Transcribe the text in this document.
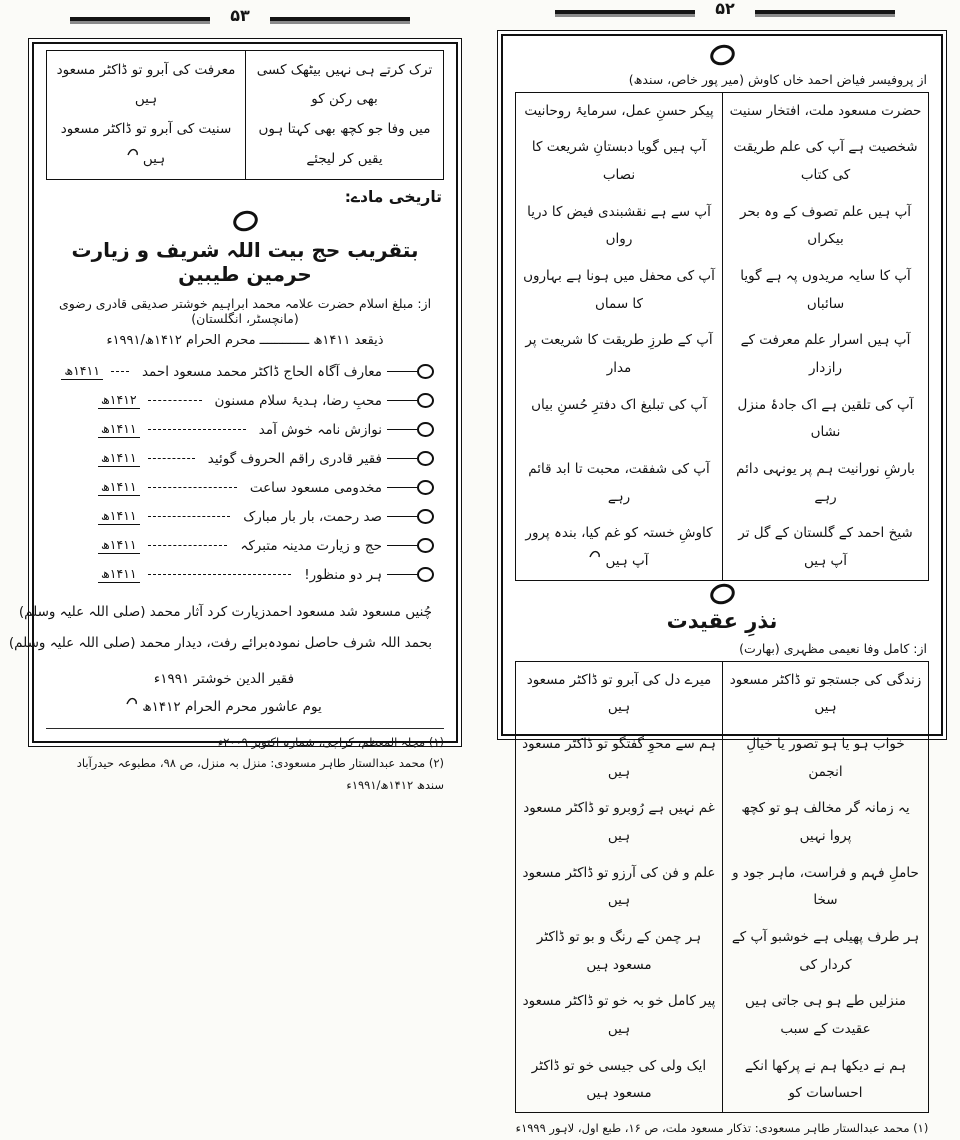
۵۲
۵۳
از پروفیسر فیاض احمد خاں کاوش (میر پور خاص، سندھ)
حضرت مسعود ملت، افتخار سنیت
پیکر حسنِ عمل، سرمایۂ روحانیت
شخصیت ہے آپ کی علم طریقت کی کتاب
آپ ہیں گویا دبستانِ شریعت کا نصاب
آپ ہیں علم تصوف کے وہ بحر بیکراں
آپ سے ہے نقشبندی فیض کا دریا رواں
آپ کا سایہ مریدوں پہ ہے گویا سائباں
آپ کی محفل میں ہونا ہے بہاروں کا سماں
آپ ہیں اسرار علم معرفت کے رازدار
آپ کے طرزِ طریقت کا شریعت پر مدار
آپ کی تلقین ہے اک جادۂ منزل نشاں
آپ کی تبلیغ اک دفترِ حُسنِ بیاں
بارشِ نورانیت ہم پر یونہی دائم رہے
آپ کی شفقت، محبت تا ابد قائم رہے
شیخ احمد کے گلستان کے گل تر آپ ہیں
کاوشِ خستہ کو غم کیا، بندہ پرور آپ ہیں
نذرِ عقیدت
از: کامل وفا نعیمی مظہری (بھارت)
زندگی کی جستجو تو ڈاکٹر مسعود ہیں
میرے دل کی آبرو تو ڈاکٹر مسعود ہیں
خواب ہو یا ہو تصور یا خیالِ انجمن
ہم سے محوِ گفتگو تو ڈاکٹر مسعود ہیں
یہ زمانہ گر مخالف ہو تو کچھ پروا نہیں
غم نہیں ہے رُوبرو تو ڈاکٹر مسعود ہیں
حاملِ فہم و فراست، ماہر جود و سخا
علم و فن کی آرزو تو ڈاکٹر مسعود ہیں
ہر طرف پھیلی ہے خوشبو آپ کے کردار کی
ہر چمن کے رنگ و بو تو ڈاکٹر مسعود ہیں
منزلیں طے ہو ہی جاتی ہیں عقیدت کے سبب
پیر کامل خو بہ خو تو ڈاکٹر مسعود ہیں
ہم نے دیکھا ہم نے پرکھا انکے احساسات کو
ایک ولی کی جیسی خو تو ڈاکٹر مسعود ہیں
(۱) محمد عبدالستار طاہر مسعودی: تذکار مسعود ملت، ص ۱۶، طبع اول، لاہور ۱۹۹۹ء
ترک کرتے ہی نہیں بیٹھک کسی بھی رکن کو
میں وفا جو کچھ بھی کہتا ہوں یقیں کر لیجئے
معرفت کی آبرو تو ڈاکٹر مسعود ہیں
سنیت کی آبرو تو ڈاکٹر مسعود ہیں
تاریخی مادے:
بتقریب حج بیت اللہ شریف و زیارت حرمین طیبین
از: مبلغ اسلام حضرت علامہ محمد ابراہیم خوشتر صدیقی قادری رضوی (مانچسٹر، انگلستان)
ذیقعد ۱۴۱۱ھ ـــــــــــــ محرم الحرام ۱۴۱۲ھ/۱۹۹۱ء
معارف آگاہ الحاج ڈاکٹر محمد مسعود احمد
۱۴۱۱ھ
محبِ رضا، ہدیۂ سلام مسنون
۱۴۱۲ھ
نوازش نامہ خوش آمد
۱۴۱۱ھ
فقیر قادری راقم الحروف گوئید
۱۴۱۱ھ
مخدومی مسعود ساعت
۱۴۱۱ھ
صد رحمت، بار بار مبارک
۱۴۱۱ھ
حج و زیارت مدینہ متبرکہ
۱۴۱۱ھ
ہر دو منظور!
۱۴۱۱ھ
چُنیں مسعود شد مسعود احمد
زیارت کرد آثار محمد (صلی اللہ علیہ وسلم)
بحمد اللہ شرف حاصل نمودہ
برائے رفت، دیدار محمد (صلی اللہ علیہ وسلم)
فقیر الدین خوشتر ۱۹۹۱ء
یوم عاشور محرم الحرام ۱۴۱۲ھ
(۱) مجلہ المعظم، کراچی، شمارہ اکتوبر ۲۰۰۹ء
(۲) محمد عبدالستار طاہر مسعودی: منزل بہ منزل، ص ۹۸، مطبوعہ حیدرآباد سندھ ۱۴۱۲ھ/۱۹۹۱ء
